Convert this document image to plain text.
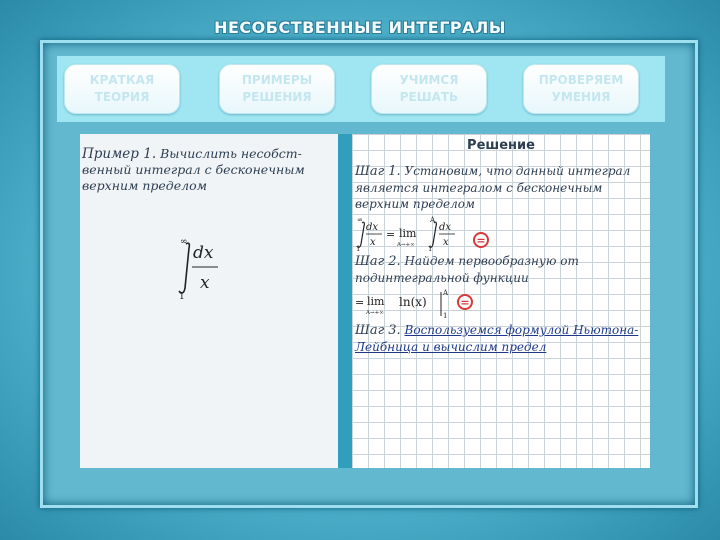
НЕСОБСТВЕННЫЕ ИНТЕГРАЛЫ
КРАТКАЯ
ТЕОРИЯ
ПРИМЕРЫ
РЕШЕНИЯ
УЧИМСЯ
РЕШАТЬ
ПРОВЕРЯЕМ
УМЕНИЯ
Пример 1. Вычислить несобст-венный интеграл с бесконечным верхним пределом
∞
1
dx
x
Решение
Шаг 1. Установим, что данный интеграл является интегралом с бесконечным верхним пределом
∞
1
dx
x
= lim
A→+∞
A
1
dx
x	=
Шаг 2. Найдем первообразную от подинтегральной функции
= lim
A→+∞
ln(x)
A
1
=
Шаг 3. Воспользуемся формулой Ньютона-Лейбница и вычислим предел
